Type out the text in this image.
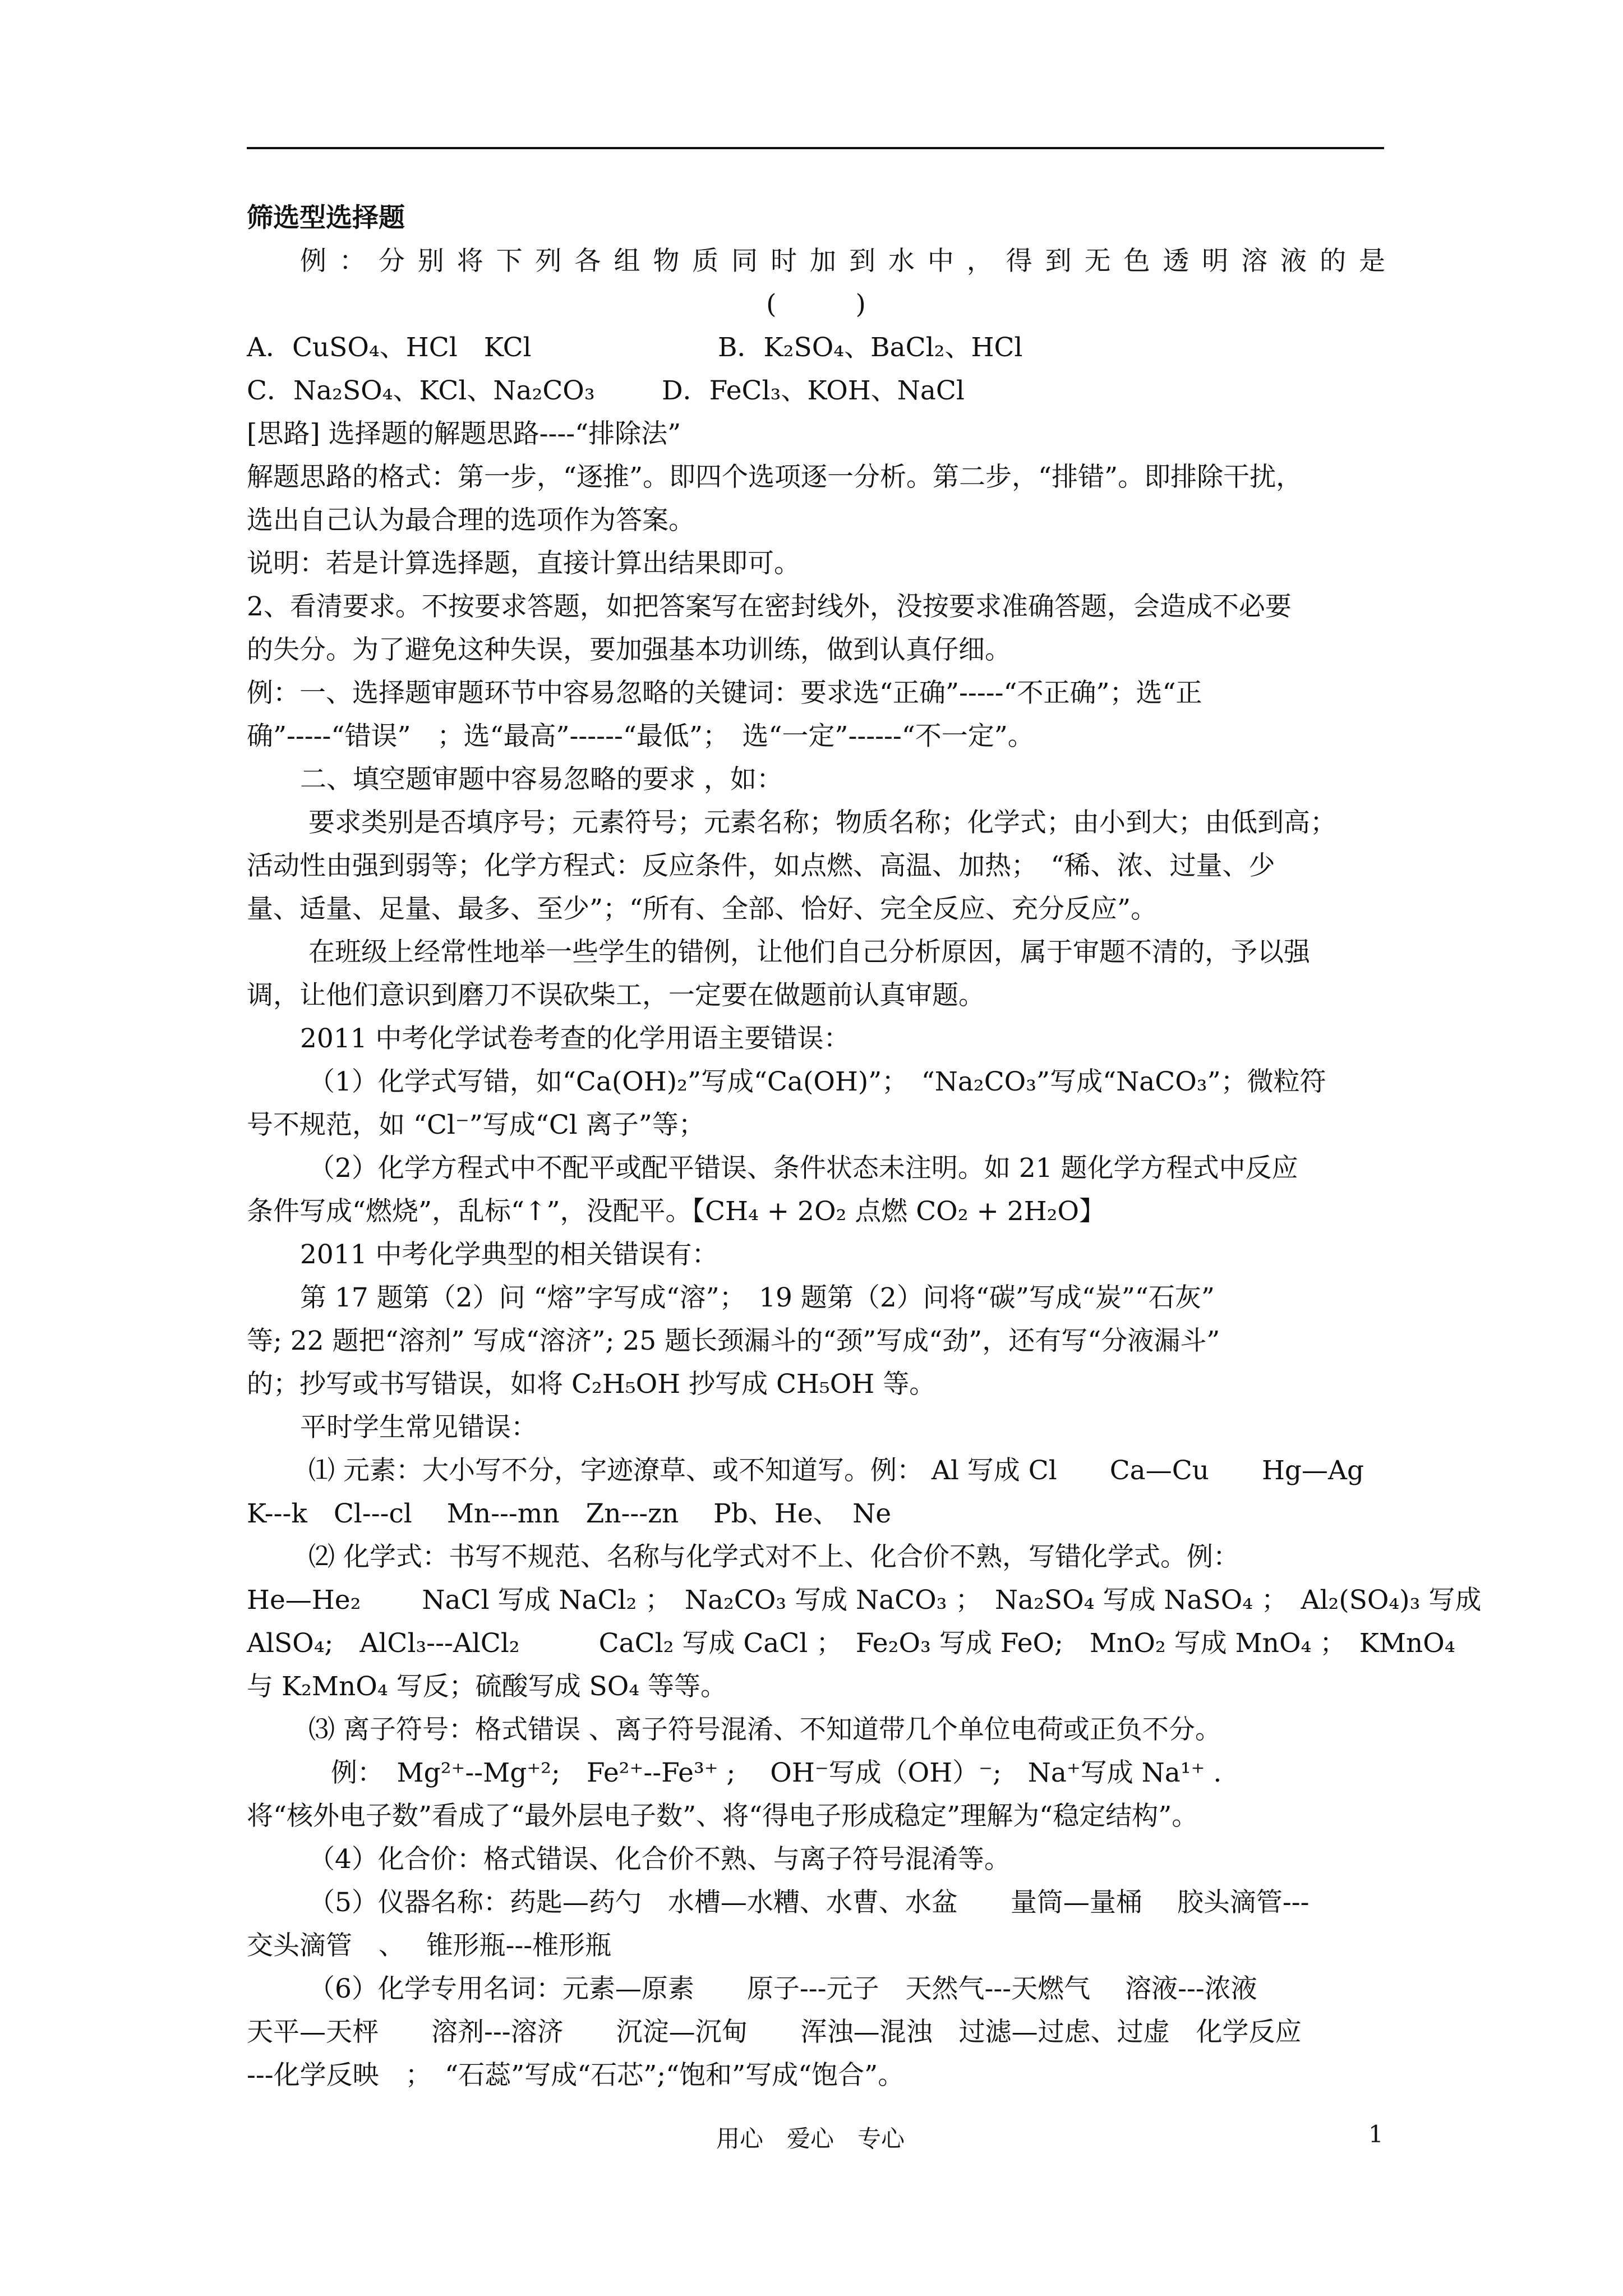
筛选型选择题
例：分别将下列各组物质同时加到水中，得到无色透明溶液的是
(　　　)
A．CuSO₄、HCl　KCl	B．K₂SO₄、BaCl₂、HCl
C．Na₂SO₄、KCl、Na₂CO₃	D．FeCl₃、KOH、NaCl
[思路] 选择题的解题思路----“排除法”
解题思路的格式：第一步，“逐推”。即四个选项逐一分析。第二步，“排错”。即排除干扰，
选出自己认为最合理的选项作为答案。
说明：若是计算选择题，直接计算出结果即可。
2、看清要求。不按要求答题，如把答案写在密封线外，没按要求准确答题，会造成不必要
的失分。为了避免这种失误，要加强基本功训练，做到认真仔细。
例：一、选择题审题环节中容易忽略的关键词：要求选“正确”-----“不正确”；选“正
确”-----“错误”　；选“最高”------“最低”；　选“一定”------“不一定”。
二、填空题审题中容易忽略的要求 ，如：
要求类别是否填序号；元素符号；元素名称；物质名称；化学式；由小到大；由低到高；
活动性由强到弱等；化学方程式：反应条件，如点燃、高温、加热；　“稀、浓、过量、少
量、适量、足量、最多、至少”；“所有、全部、恰好、完全反应、充分反应”。
在班级上经常性地举一些学生的错例，让他们自己分析原因，属于审题不清的，予以强
调，让他们意识到磨刀不误砍柴工，一定要在做题前认真审题。
2011 中考化学试卷考查的化学用语主要错误：
（1）化学式写错，如“Ca(OH)₂”写成“Ca(OH)”；　“Na₂CO₃”写成“NaCO₃”；微粒符
号不规范，如 “Cl⁻”写成“Cl 离子”等；
（2）化学方程式中不配平或配平错误、条件状态未注明。如 21 题化学方程式中反应
条件写成“燃烧”，乱标“↑”，没配平。【CH₄ + 2O₂ 点燃 CO₂ + 2H₂O】
2011 中考化学典型的相关错误有：
第 17 题第（2）问 “熔”字写成“溶”；　19 题第（2）问将“碳”写成“炭”“石灰”
等; 22 题把“溶剂” 写成“溶济”; 25 题长颈漏斗的“颈”写成“劲”，还有写“分液漏斗”
的；抄写或书写错误，如将 C₂H₅OH 抄写成 CH₅OH 等。
平时学生常见错误：
⑴ 元素：大小写不分，字迹潦草、或不知道写。例： Al 写成 Cl　　Ca—Cu　　Hg—Ag
K---k　Cl---cl　 Mn---mn　Zn---zn　 Pb、He、　Ne
⑵ 化学式：书写不规范、名称与化学式对不上、化合价不熟，写错化学式。例：
He—He₂　　 NaCl 写成 NaCl₂ ；　Na₂CO₃ 写成 NaCO₃ ；　Na₂SO₄ 写成 NaSO₄ ；　Al₂(SO₄)₃ 写成
AlSO₄;　AlCl₃---AlCl₂　　　CaCl₂ 写成 CaCl ；　Fe₂O₃ 写成 FeO;　MnO₂ 写成 MnO₄ ；　KMnO₄
与 K₂MnO₄ 写反；硫酸写成 SO₄ 等等。
⑶ 离子符号：格式错误 、离子符号混淆、不知道带几个单位电荷或正负不分。
例：　Mg²⁺--Mg⁺²;　Fe²⁺--Fe³⁺ ;　 OH⁻写成（OH）⁻;　Na⁺写成 Na¹⁺ .
将“核外电子数”看成了“最外层电子数”、将“得电子形成稳定”理解为“稳定结构”。
（4）化合价：格式错误、化合价不熟、与离子符号混淆等。
（5）仪器名称：药匙—药勺　水槽—水糟、水曹、水盆　　量筒—量桶　 胶头滴管---
交头滴管　、　 锥形瓶---椎形瓶
（6）化学专用名词：元素—原素　　原子---元子　天然气---天燃气　 溶液---浓液
天平—天枰　　溶剂---溶济　　沉淀—沉甸　　浑浊—混浊　过滤—过虑、过虚　化学反应
---化学反映　；　“石蕊”写成“石芯”;“饱和”写成“饱合”。
用心　爱心　专心	1
